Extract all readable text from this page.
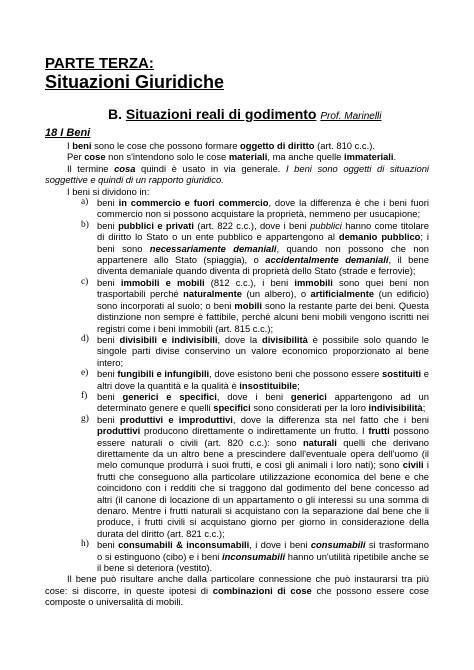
PARTE TERZA:
Situazioni Giuridiche
B. Situazioni reali di godimento Prof. Marinelli
18 I Beni

I beni sono le cose che possono formare oggetto di diritto (art. 810 c.c.).

Per cose non s'intendono solo le cose materiali, ma anche quelle immateriali.

Il termine cosa quindi è usato in via generale. I beni sono oggetti di situazioni soggettive e quindi di un rapporto giuridico.

I beni si dividono in:

a) beni in commercio e fuori commercio, dove la differenza è che i beni fuori commercio non si possono acquistare la proprietà, nemmeno per usucapione;
b) beni pubblici e privati (art. 822 c.c.), dove i beni pubblici hanno come titolare di diritto lo Stato o un ente pubblico e appartengono al demanio pubblico; i beni sono necessariamente demaniali, quando non possono che non appartenere allo Stato (spiaggia), o accidentalmente demaniali, il bene diventa demaniale quando diventa di proprietà dello Stato (strade e ferrovie);
c) beni immobili e mobili (812 c.c.), i beni immobili sono quei beni non trasportabili perché naturalmente (un albero), o artificialmente (un edificio) sono incorporati al suolo; o beni mobili sono la restante parte dei beni. Questa distinzione non sempre è fattibile, perché alcuni beni mobili vengono iscritti nei registri come i beni immobili (art. 815 c.c.);
d) beni divisibili e indivisibili, dove la divisibilità è possibile solo quando le singole parti divise conservino un valore economico proporzionato al bene intero;
e) beni fungibili e infungibili, dove esistono beni che possono essere sostituiti e altri dove la quantità e la qualità è insostituibile;
f) beni generici e specifici, dove i beni generici appartengono ad un determinato genere e quelli specifici sono considerati per la loro indivisibilità;
g) beni produttivi e improduttivi, dove la differenza sta nel fatto che i beni produttivi producono direttamente o indirettamente un frutto. I frutti possono essere naturali o civili (art. 820 c.c.): sono naturali quelli che derivano direttamente da un altro bene a prescindere dall'eventuale opera dell'uomo (il melo comunque produrrà i suoi frutti, e così gli animali i loro nati); sono civili i frutti che conseguono alla particolare utilizzazione economica del bene e che coincidono con i redditi che si traggono dal godimento del bene concesso ad altri (il canone di locazione di un appartamento o gli interessi su una somma di denaro. Mentre i frutti naturali si acquistano con la separazione dal bene che li produce, i frutti civili si acquistano giorno per giorno in considerazione della durata del diritto (art. 821 c.c.);
h) beni consumabili & inconsumabili, i dove i beni consumabili si trasformano o si estinguono (cibo) e i beni inconsumabili hanno un'utilità ripetibile anche se il bene si deteriora (vestito).

Il bene può risultare anche dalla particolare connessione che può instaurarsi tra più cose: si discorre, in queste ipotesi di combinazioni di cose che possono essere cose composte o universalità di mobili.
